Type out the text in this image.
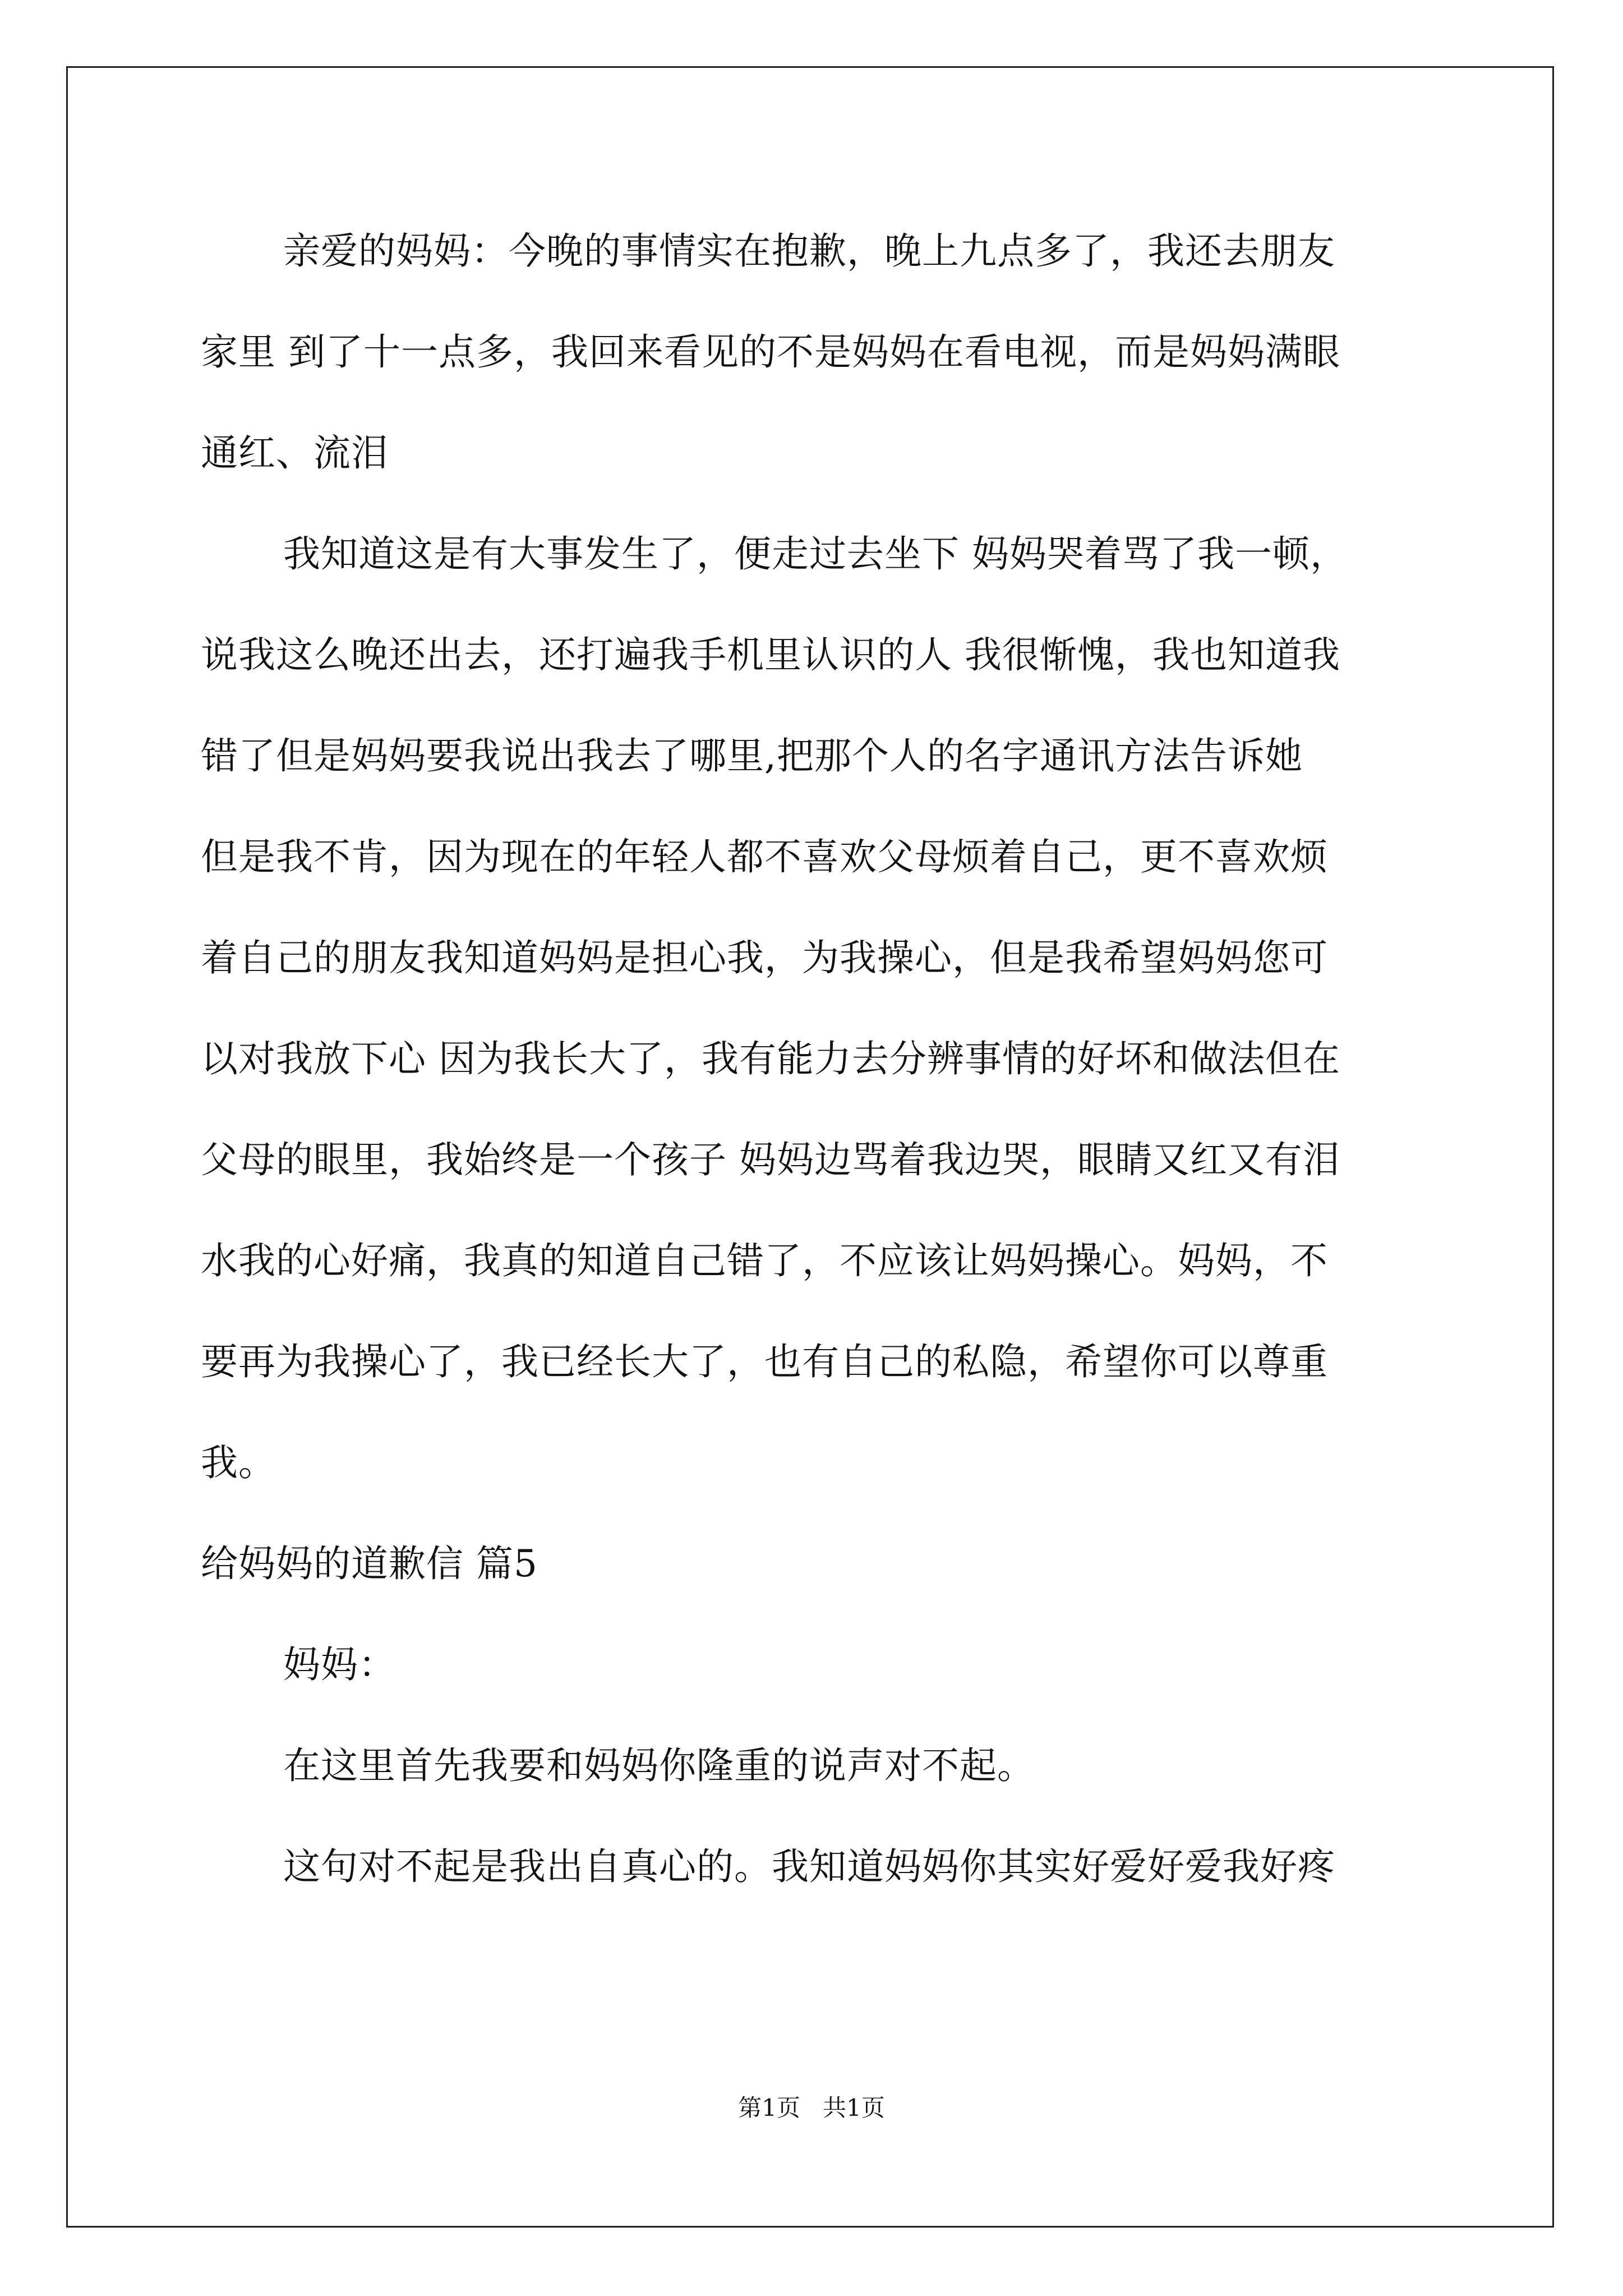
亲爱的妈妈：今晚的事情实在抱歉，晚上九点多了，我还去朋友
家里 到了十一点多，我回来看见的不是妈妈在看电视，而是妈妈满眼
通红、流泪
我知道这是有大事发生了，便走过去坐下 妈妈哭着骂了我一顿，
说我这么晚还出去，还打遍我手机里认识的人 我很惭愧，我也知道我
错了但是妈妈要我说出我去了哪里,把那个人的名字通讯方法告诉她
但是我不肯，因为现在的年轻人都不喜欢父母烦着自己，更不喜欢烦
着自己的朋友我知道妈妈是担心我，为我操心，但是我希望妈妈您可
以对我放下心 因为我长大了，我有能力去分辨事情的好坏和做法但在
父母的眼里，我始终是一个孩子 妈妈边骂着我边哭，眼睛又红又有泪
水我的心好痛，我真的知道自己错了，不应该让妈妈操心。妈妈，不
要再为我操心了，我已经长大了，也有自己的私隐，希望你可以尊重
我。
给妈妈的道歉信 篇5
妈妈：
在这里首先我要和妈妈你隆重的说声对不起。
这句对不起是我出自真心的。我知道妈妈你其实好爱好爱我好疼
第1页   共1页
